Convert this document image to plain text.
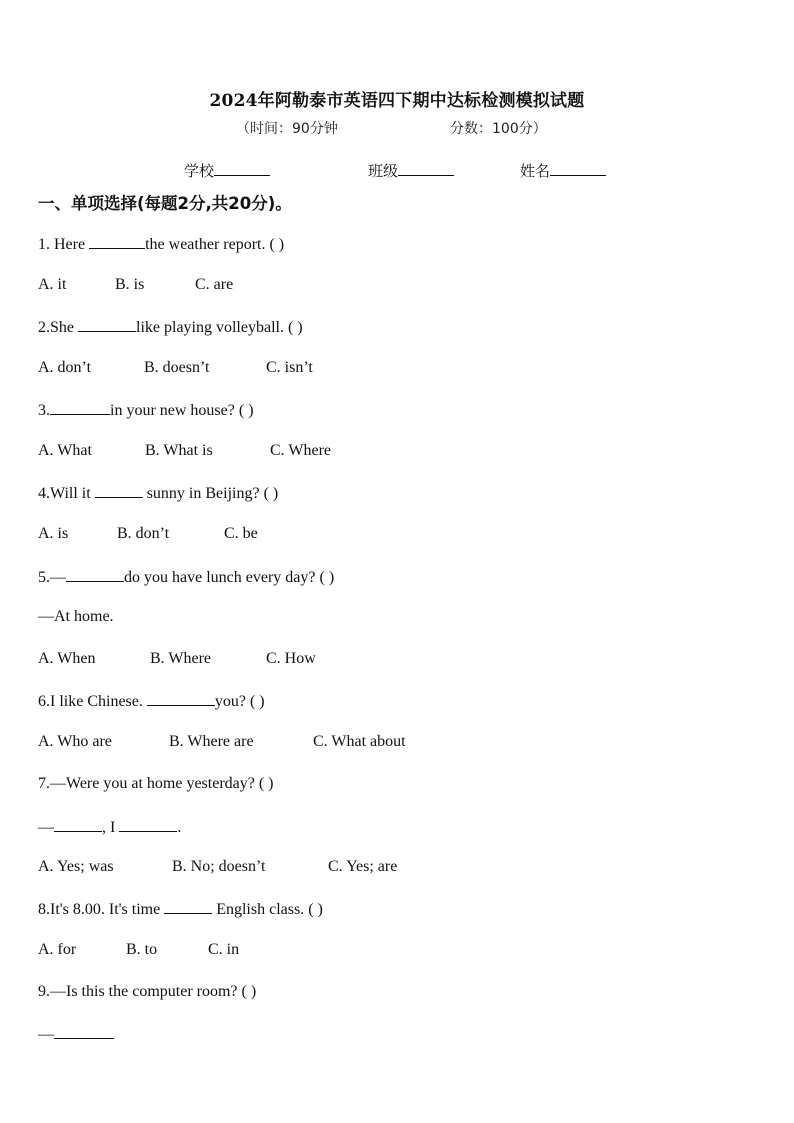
2024年阿勒泰市英语四下期中达标检测模拟试题
（时间：90分钟	分数：100分）
学校	班级	姓名
一、单项选择(每题2分,共20分)。
1. Here	the weather report. ( )
A. it	B. is	C. are
2.She	like playing volleyball. ( )
A. don’t	B. doesn’t	C. isn’t
3.	in your new house? ( )
A. What	B. What is	C. Where
4.Will it	sunny in Beijing? ( )
A. is	B. don’t	C. be
5.—	do you have lunch every day? ( )
—At home.
A. When	B. Where	C. How
6.I like Chinese.	you? ( )
A. Who are	B. Where are	C. What about
7.—Were you at home yesterday? ( )
—	, I	.
A. Yes; was	B. No; doesn’t	C. Yes; are
8.It's 8.00. It's time	English class. ( )
A. for	B. to	C. in
9.—Is this the computer room? ( )
—
